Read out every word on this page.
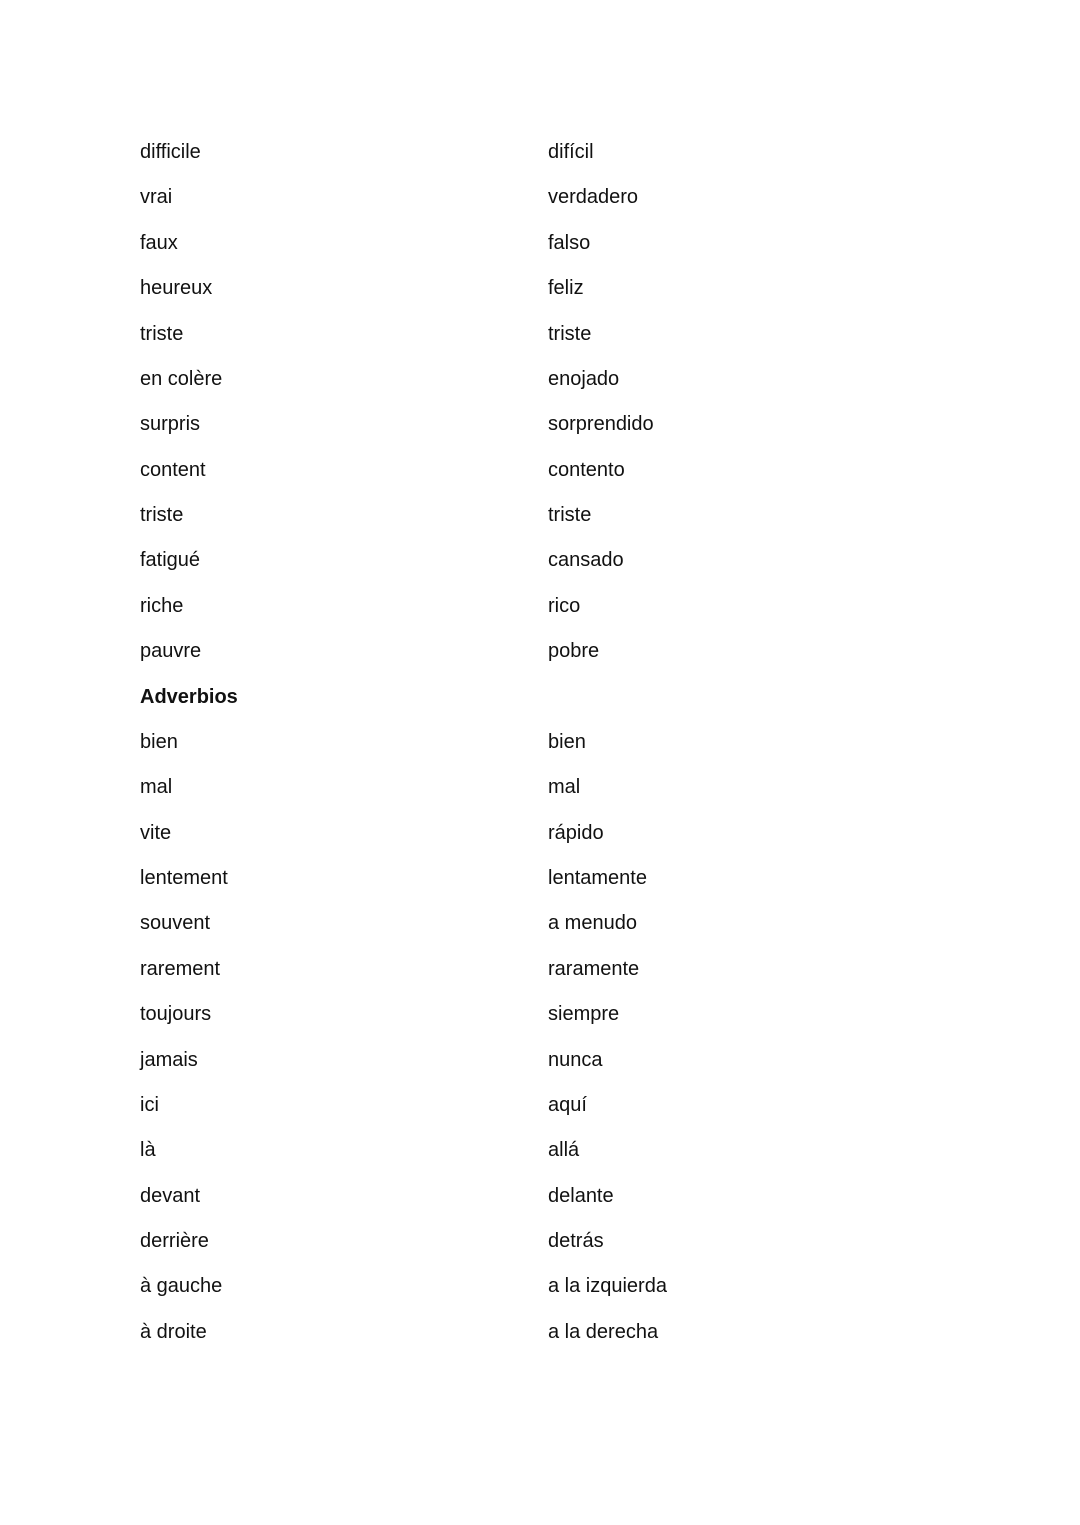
difficile	difícil
vrai	verdadero
faux	falso
heureux	feliz
triste	triste
en colère	enojado
surpris	sorprendido
content	contento
triste	triste
fatigué	cansado
riche	rico
pauvre	pobre
Adverbios
bien	bien
mal	mal
vite	rápido
lentement	lentamente
souvent	a menudo
rarement	raramente
toujours	siempre
jamais	nunca
ici	aquí
là	allá
devant	delante
derrière	detrás
à gauche	a la izquierda
à droite	a la derecha
